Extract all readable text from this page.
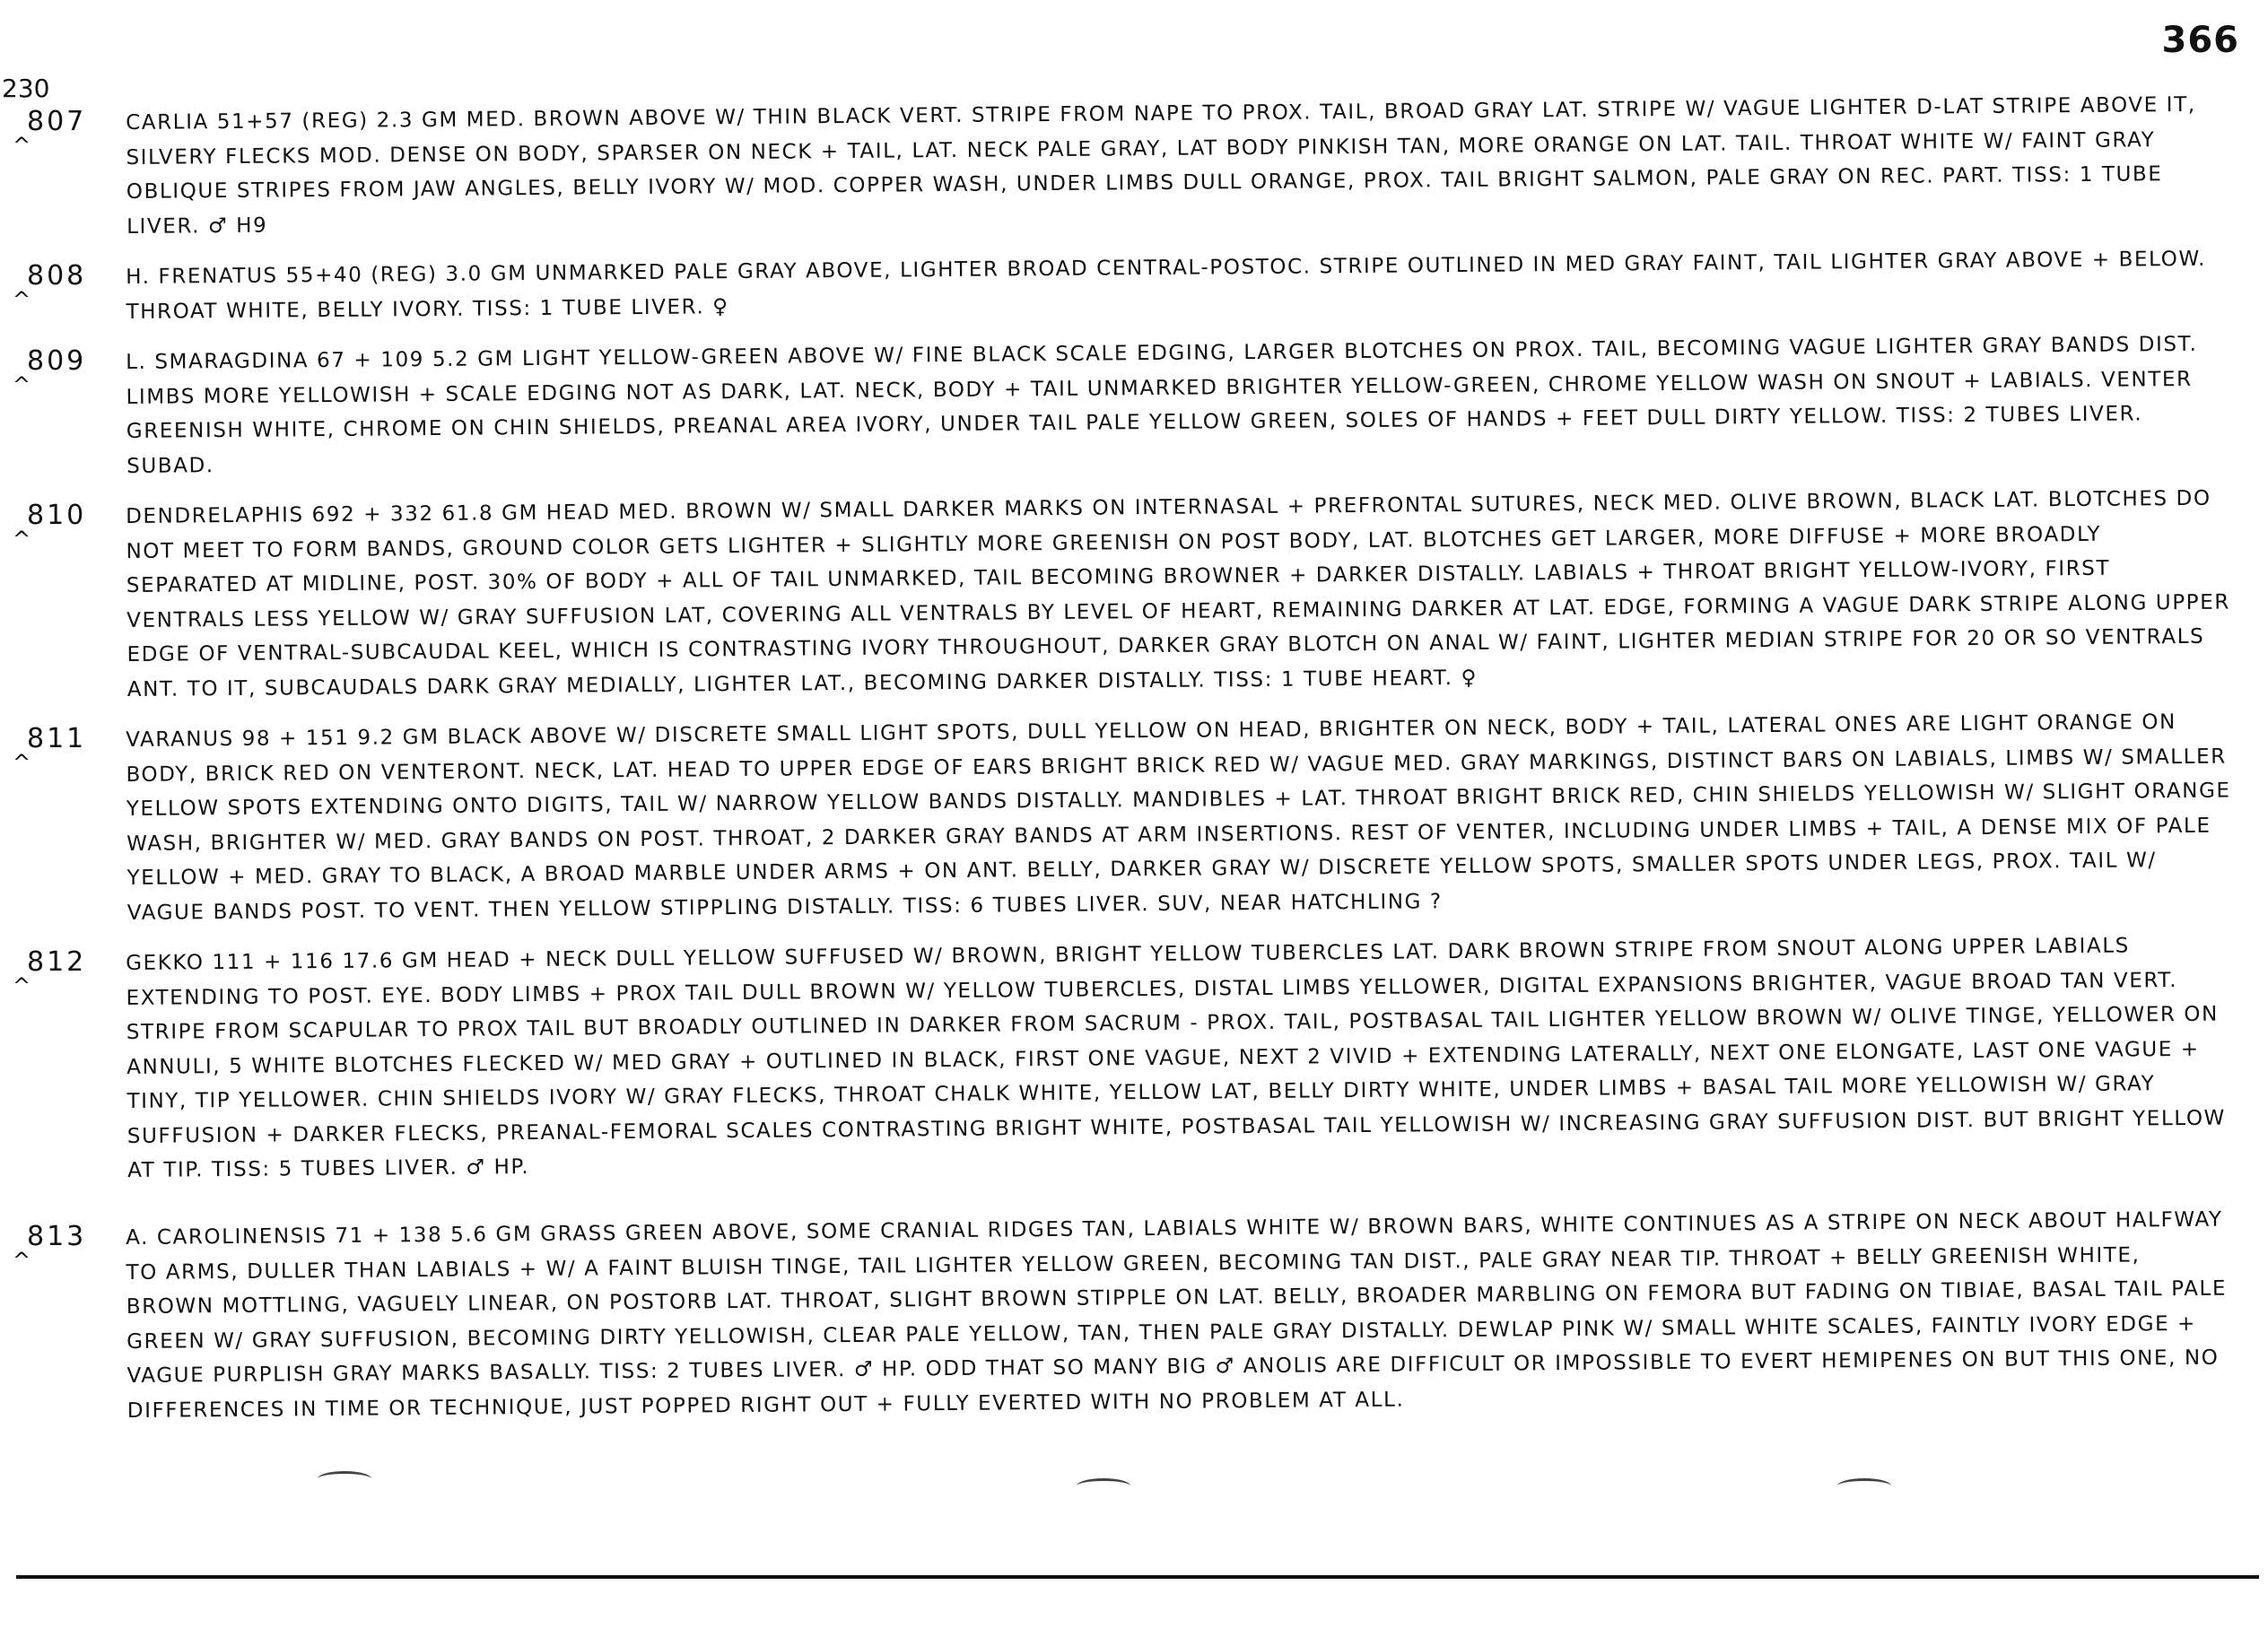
366
230
^
807 CARLIA 51+57 (REG) 2.3 GM MED. BROWN ABOVE W/ THIN BLACK VERT. STRIPE FROM NAPE TO PROX. TAIL, BROAD GRAY LAT. STRIPE W/ VAGUE LIGHTER D-LAT STRIPE ABOVE IT, SILVERY FLECKS MOD. DENSE ON BODY, SPARSER ON NECK + TAIL, LAT. NECK PALE GRAY, LAT BODY PINKISH TAN, MORE ORANGE ON LAT. TAIL. THROAT WHITE W/ FAINT GRAY OBLIQUE STRIPES FROM JAW ANGLES, BELLY IVORY W/ MOD. COPPER WASH, UNDER LIMBS DULL ORANGE, PROX. TAIL BRIGHT SALMON, PALE GRAY ON REC. PART. TISS: 1 TUBE LIVER. ♂ H9
^
808 H. FRENATUS 55+40 (REG) 3.0 GM UNMARKED PALE GRAY ABOVE, LIGHTER BROAD CENTRAL-POSTOC. STRIPE OUTLINED IN MED GRAY FAINT, TAIL LIGHTER GRAY ABOVE + BELOW. THROAT WHITE, BELLY IVORY. TISS: 1 TUBE LIVER. ♀
^
809 L. SMARAGDINA 67 + 109 5.2 GM LIGHT YELLOW-GREEN ABOVE W/ FINE BLACK SCALE EDGING, LARGER BLOTCHES ON PROX. TAIL, BECOMING VAGUE LIGHTER GRAY BANDS DIST. LIMBS MORE YELLOWISH + SCALE EDGING NOT AS DARK, LAT. NECK, BODY + TAIL UNMARKED BRIGHTER YELLOW-GREEN, CHROME YELLOW WASH ON SNOUT + LABIALS. VENTER GREENISH WHITE, CHROME ON CHIN SHIELDS, PREANAL AREA IVORY, UNDER TAIL PALE YELLOW GREEN, SOLES OF HANDS + FEET DULL DIRTY YELLOW. TISS: 2 TUBES LIVER. SUBAD.
^
810 DENDRELAPHIS 692 + 332 61.8 GM HEAD MED. BROWN W/ SMALL DARKER MARKS ON INTERNASAL + PREFRONTAL SUTURES, NECK MED. OLIVE BROWN, BLACK LAT. BLOTCHES DO NOT MEET TO FORM BANDS, GROUND COLOR GETS LIGHTER + SLIGHTLY MORE GREENISH ON POST BODY, LAT. BLOTCHES GET LARGER, MORE DIFFUSE + MORE BROADLY SEPARATED AT MIDLINE, POST. 30% OF BODY + ALL OF TAIL UNMARKED, TAIL BECOMING BROWNER + DARKER DISTALLY. LABIALS + THROAT BRIGHT YELLOW-IVORY, FIRST VENTRALS LESS YELLOW W/ GRAY SUFFUSION LAT, COVERING ALL VENTRALS BY LEVEL OF HEART, REMAINING DARKER AT LAT. EDGE, FORMING A VAGUE DARK STRIPE ALONG UPPER EDGE OF VENTRAL-SUBCAUDAL KEEL, WHICH IS CONTRASTING IVORY THROUGHOUT, DARKER GRAY BLOTCH ON ANAL W/ FAINT, LIGHTER MEDIAN STRIPE FOR 20 OR SO VENTRALS ANT. TO IT, SUBCAUDALS DARK GRAY MEDIALLY, LIGHTER LAT., BECOMING DARKER DISTALLY. TISS: 1 TUBE HEART. ♀
^
811 VARANUS 98 + 151 9.2 GM BLACK ABOVE W/ DISCRETE SMALL LIGHT SPOTS, DULL YELLOW ON HEAD, BRIGHTER ON NECK, BODY + TAIL, LATERAL ONES ARE LIGHT ORANGE ON BODY, BRICK RED ON VENTERONT. NECK, LAT. HEAD TO UPPER EDGE OF EARS BRIGHT BRICK RED W/ VAGUE MED. GRAY MARKINGS, DISTINCT BARS ON LABIALS, LIMBS W/ SMALLER YELLOW SPOTS EXTENDING ONTO DIGITS, TAIL W/ NARROW YELLOW BANDS DISTALLY. MANDIBLES + LAT. THROAT BRIGHT BRICK RED, CHIN SHIELDS YELLOWISH W/ SLIGHT ORANGE WASH, BRIGHTER W/ MED. GRAY BANDS ON POST. THROAT, 2 DARKER GRAY BANDS AT ARM INSERTIONS. REST OF VENTER, INCLUDING UNDER LIMBS + TAIL, A DENSE MIX OF PALE YELLOW + MED. GRAY TO BLACK, A BROAD MARBLE UNDER ARMS + ON ANT. BELLY, DARKER GRAY W/ DISCRETE YELLOW SPOTS, SMALLER SPOTS UNDER LEGS, PROX. TAIL W/ VAGUE BANDS POST. TO VENT. THEN YELLOW STIPPLING DISTALLY. TISS: 6 TUBES LIVER. SUV, NEAR HATCHLING ?
^
812 GEKKO 111 + 116 17.6 GM HEAD + NECK DULL YELLOW SUFFUSED W/ BROWN, BRIGHT YELLOW TUBERCLES LAT. DARK BROWN STRIPE FROM SNOUT ALONG UPPER LABIALS EXTENDING TO POST. EYE. BODY LIMBS + PROX TAIL DULL BROWN W/ YELLOW TUBERCLES, DISTAL LIMBS YELLOWER, DIGITAL EXPANSIONS BRIGHTER, VAGUE BROAD TAN VERT. STRIPE FROM SCAPULAR TO PROX TAIL BUT BROADLY OUTLINED IN DARKER FROM SACRUM - PROX. TAIL, POSTBASAL TAIL LIGHTER YELLOW BROWN W/ OLIVE TINGE, YELLOWER ON ANNULI, 5 WHITE BLOTCHES FLECKED W/ MED GRAY + OUTLINED IN BLACK, FIRST ONE VAGUE, NEXT 2 VIVID + EXTENDING LATERALLY, NEXT ONE ELONGATE, LAST ONE VAGUE + TINY, TIP YELLOWER. CHIN SHIELDS IVORY W/ GRAY FLECKS, THROAT CHALK WHITE, YELLOW LAT, BELLY DIRTY WHITE, UNDER LIMBS + BASAL TAIL MORE YELLOWISH W/ GRAY SUFFUSION + DARKER FLECKS, PREANAL-FEMORAL SCALES CONTRASTING BRIGHT WHITE, POSTBASAL TAIL YELLOWISH W/ INCREASING GRAY SUFFUSION DIST. BUT BRIGHT YELLOW AT TIP. TISS: 5 TUBES LIVER. ♂ HP.
^
813 A. CAROLINENSIS 71 + 138 5.6 GM GRASS GREEN ABOVE, SOME CRANIAL RIDGES TAN, LABIALS WHITE W/ BROWN BARS, WHITE CONTINUES AS A STRIPE ON NECK ABOUT HALFWAY TO ARMS, DULLER THAN LABIALS + W/ A FAINT BLUISH TINGE, TAIL LIGHTER YELLOW GREEN, BECOMING TAN DIST., PALE GRAY NEAR TIP. THROAT + BELLY GREENISH WHITE, BROWN MOTTLING, VAGUELY LINEAR, ON POSTORB LAT. THROAT, SLIGHT BROWN STIPPLE ON LAT. BELLY, BROADER MARBLING ON FEMORA BUT FADING ON TIBIAE, BASAL TAIL PALE GREEN W/ GRAY SUFFUSION, BECOMING DIRTY YELLOWISH, CLEAR PALE YELLOW, TAN, THEN PALE GRAY DISTALLY. DEWLAP PINK W/ SMALL WHITE SCALES, FAINTLY IVORY EDGE + VAGUE PURPLISH GRAY MARKS BASALLY. TISS: 2 TUBES LIVER. ♂ HP. ODD THAT SO MANY BIG ♂ ANOLIS ARE DIFFICULT OR IMPOSSIBLE TO EVERT HEMIPENES ON BUT THIS ONE, NO DIFFERENCES IN TIME OR TECHNIQUE, JUST POPPED RIGHT OUT + FULLY EVERTED WITH NO PROBLEM AT ALL.
